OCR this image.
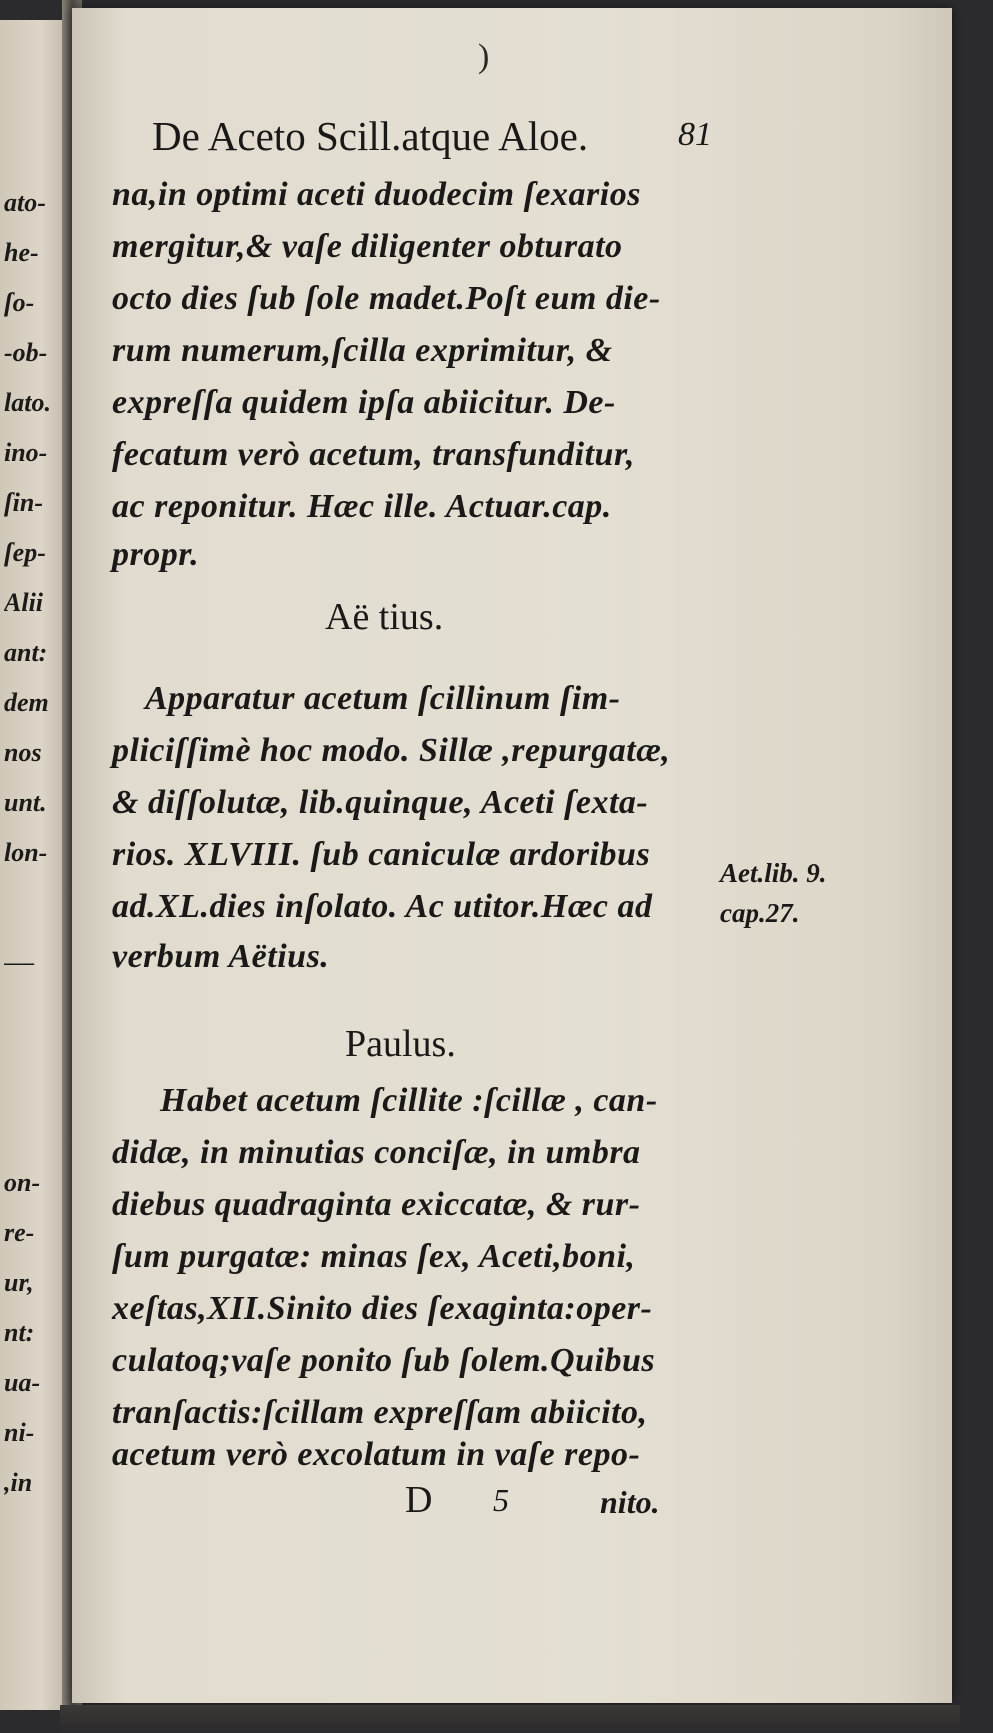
ato-
he-
ſo-
-ob-
lato.
ino-
ſin-
ſep-
Alii
ant:
dem
nos
unt.
lon-
—
on-
re-
ur,
nt:
ua-
ni-
,in
)
De Aceto Scill.atque Aloe.	81
na,in optimi aceti duodecim ſexarios
mergitur,& vaſe diligenter obturato
octo dies ſub ſole madet.Poſt eum die-
rum numerum,ſcilla exprimitur, &
expreſſa quidem ipſa abiicitur. De-
fecatum verò acetum, transfunditur,
ac reponitur. Hæc ille. Actuar.cap.
propr.
Aë tius.
Apparatur acetum ſcillinum ſim-
pliciſſimè hoc modo. Sillæ ,repurgatæ,
& diſſolutæ, lib.quinque, Aceti ſexta-
rios. XLVIII. ſub caniculæ ardoribus
ad.XL.dies inſolato. Ac utitor.Hæc ad
verbum Aëtius.
Aet.lib. 9.
cap.27.
Paulus.
Habet acetum ſcillite :ſcillæ , can-
didæ, in minutias conciſæ, in umbra
diebus quadraginta exiccatæ, & rur-
ſum purgatæ: minas ſex, Aceti,boni,
xeſtas,XII.Sinito dies ſexaginta:oper-
culatoq;vaſe ponito ſub ſolem.Quibus
tranſactis:ſcillam expreſſam abiicito,
acetum verò excolatum in vaſe repo-
D 5	nito.
